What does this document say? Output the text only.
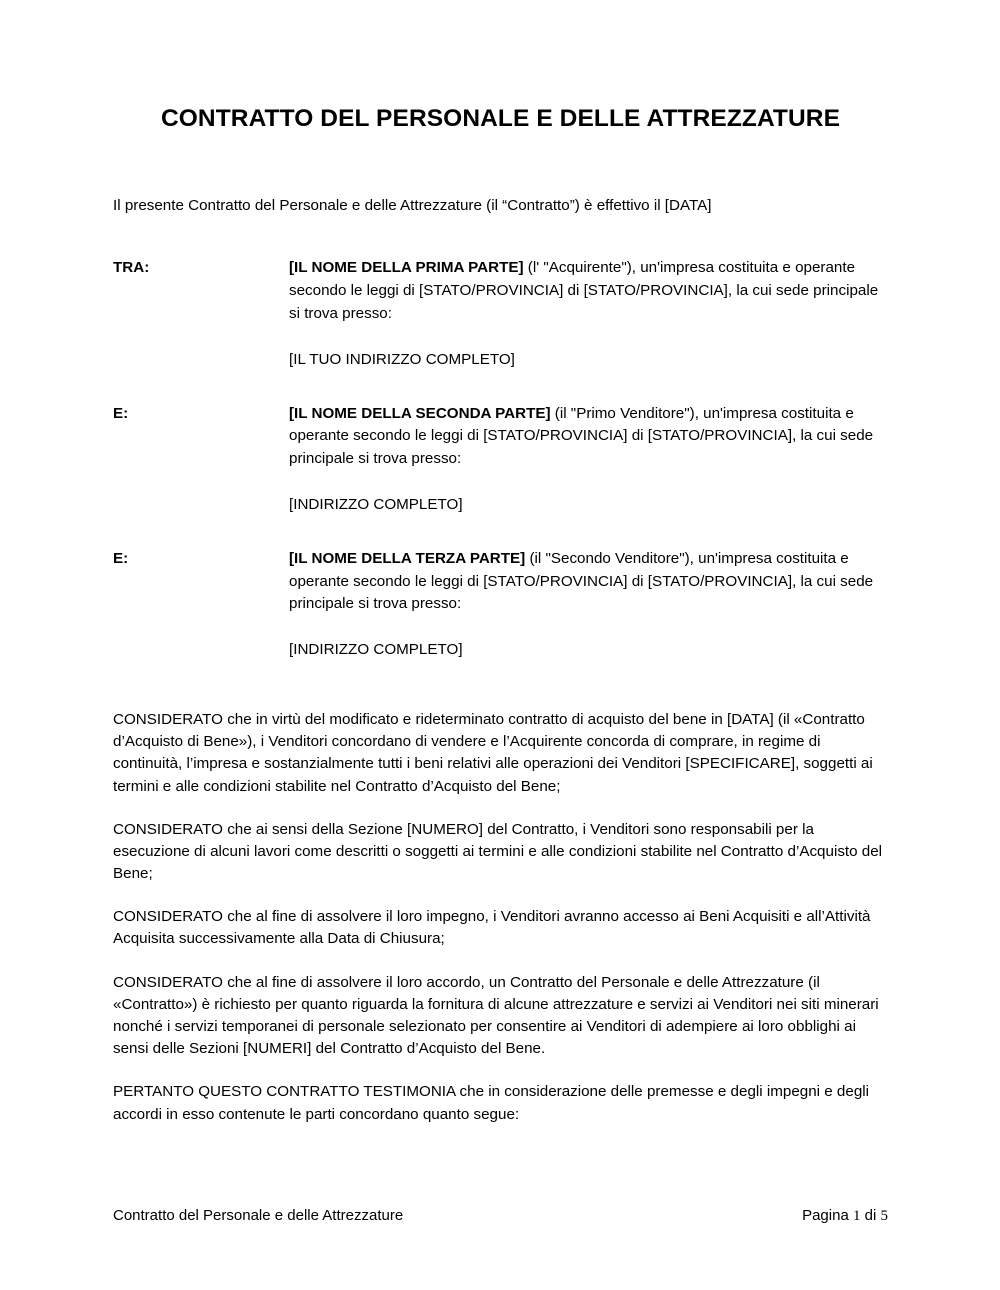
CONTRATTO DEL PERSONALE E DELLE ATTREZZATURE

Il presente Contratto del Personale e delle Attrezzature (il “Contratto”) è effettivo il [DATA]

TRA:	[IL NOME DELLA PRIMA PARTE] (l' "Acquirente"), un'impresa costituita e operante secondo le leggi di [STATO/PROVINCIA] di [STATO/PROVINCIA], la cui sede principale si trova presso:

[IL TUO INDIRIZZO COMPLETO]

E:	[IL NOME DELLA SECONDA PARTE] (il "Primo Venditore"), un'impresa costituita e operante secondo le leggi di [STATO/PROVINCIA] di [STATO/PROVINCIA], la cui sede principale si trova presso:

[INDIRIZZO COMPLETO]

E:	[IL NOME DELLA TERZA PARTE] (il "Secondo Venditore"), un'impresa costituita e operante secondo le leggi di [STATO/PROVINCIA] di [STATO/PROVINCIA], la cui sede principale si trova presso:

[INDIRIZZO COMPLETO]

CONSIDERATO che in virtù del modificato e rideterminato contratto di acquisto del bene in [DATA] (il «Contratto d’Acquisto di Bene»), i Venditori concordano di vendere e l’Acquirente concorda di comprare, in regime di continuità, l’impresa e sostanzialmente tutti i beni relativi alle operazioni dei Venditori [SPECIFICARE], soggetti ai termini e alle condizioni stabilite nel Contratto d’Acquisto del Bene;

CONSIDERATO che ai sensi della Sezione [NUMERO] del Contratto, i Venditori sono responsabili per la esecuzione di alcuni lavori come descritti o soggetti ai termini e alle condizioni stabilite nel Contratto d’Acquisto del Bene;

CONSIDERATO che al fine di assolvere il loro impegno, i Venditori avranno accesso ai Beni Acquisiti e all’Attività Acquisita successivamente alla Data di Chiusura;

CONSIDERATO che al fine di assolvere il loro accordo, un Contratto del Personale e delle Attrezzature (il «Contratto») è richiesto per quanto riguarda la fornitura di alcune attrezzature e servizi ai Venditori nei siti minerari nonché i servizi temporanei di personale selezionato per consentire ai Venditori di adempiere ai loro obblighi ai sensi delle Sezioni [NUMERI] del Contratto d’Acquisto del Bene.

PERTANTO QUESTO CONTRATTO TESTIMONIA che in considerazione delle premesse e degli impegni e degli accordi in esso contenute le parti concordano quanto segue:

Contratto del Personale e delle Attrezzature	Pagina 1 di 5
